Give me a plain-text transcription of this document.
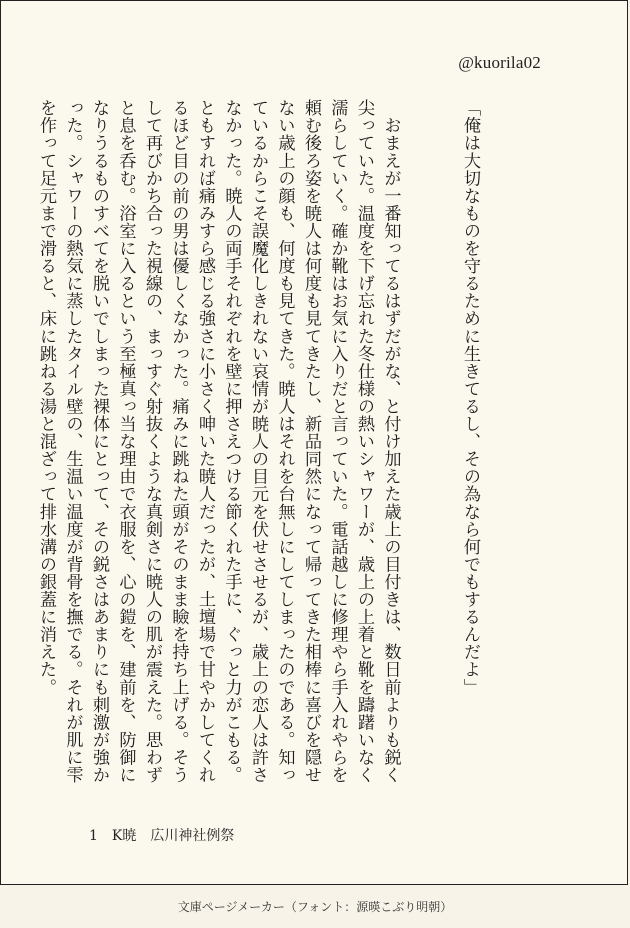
@kuorila02

「俺は大切なものを守るために生きてるし、その為なら何でもするんだよ」

　おまえが一番知ってるはずだがな、と付け加えた歳上の目付きは、数日前よりも鋭く尖っていた。温度を下げ忘れた冬仕様の熱いシャワーが、歳上の上着と靴を躊躇いなく濡らしていく。確か靴はお気に入りだと言っていた。電話越しに修理やら手入れやらを頼む後ろ姿を暁人は何度も見てきたし、新品同然になって帰ってきた相棒に喜びを隠せない歳上の顔も、何度も見てきた。暁人はそれを台無しにしてしまったのである。知っているからこそ誤魔化しきれない哀情が暁人の目元を伏せさせるが、歳上の恋人は許さなかった。暁人の両手それぞれを壁に押さえつける節くれた手に、ぐっと力がこもる。ともすれば痛みすら感じる強さに小さく呻いた暁人だったが、土壇場で甘やかしてくれるほど目の前の男は優しくなかった。痛みに跳ねた頭がそのまま瞼を持ち上げる。そうして再びかち合った視線の、まっすぐ射抜くような真剣さに暁人の肌が震えた。思わずと息を呑む。浴室に入るという至極真っ当な理由で衣服を、心の鎧を、建前を、防御になりうるものすべてを脱いでしまった裸体にとって、その鋭さはあまりにも刺激が強かった。シャワーの熱気に蒸したタイル壁の、生温い温度が背骨を撫でる。それが肌に雫を作って足元まで滑ると、床に跳ねる湯と混ざって排水溝の銀蓋に消えた。

1 K暁　広川神社例祭
文庫ページメーカー（フォント：源暎こぶり明朝）
